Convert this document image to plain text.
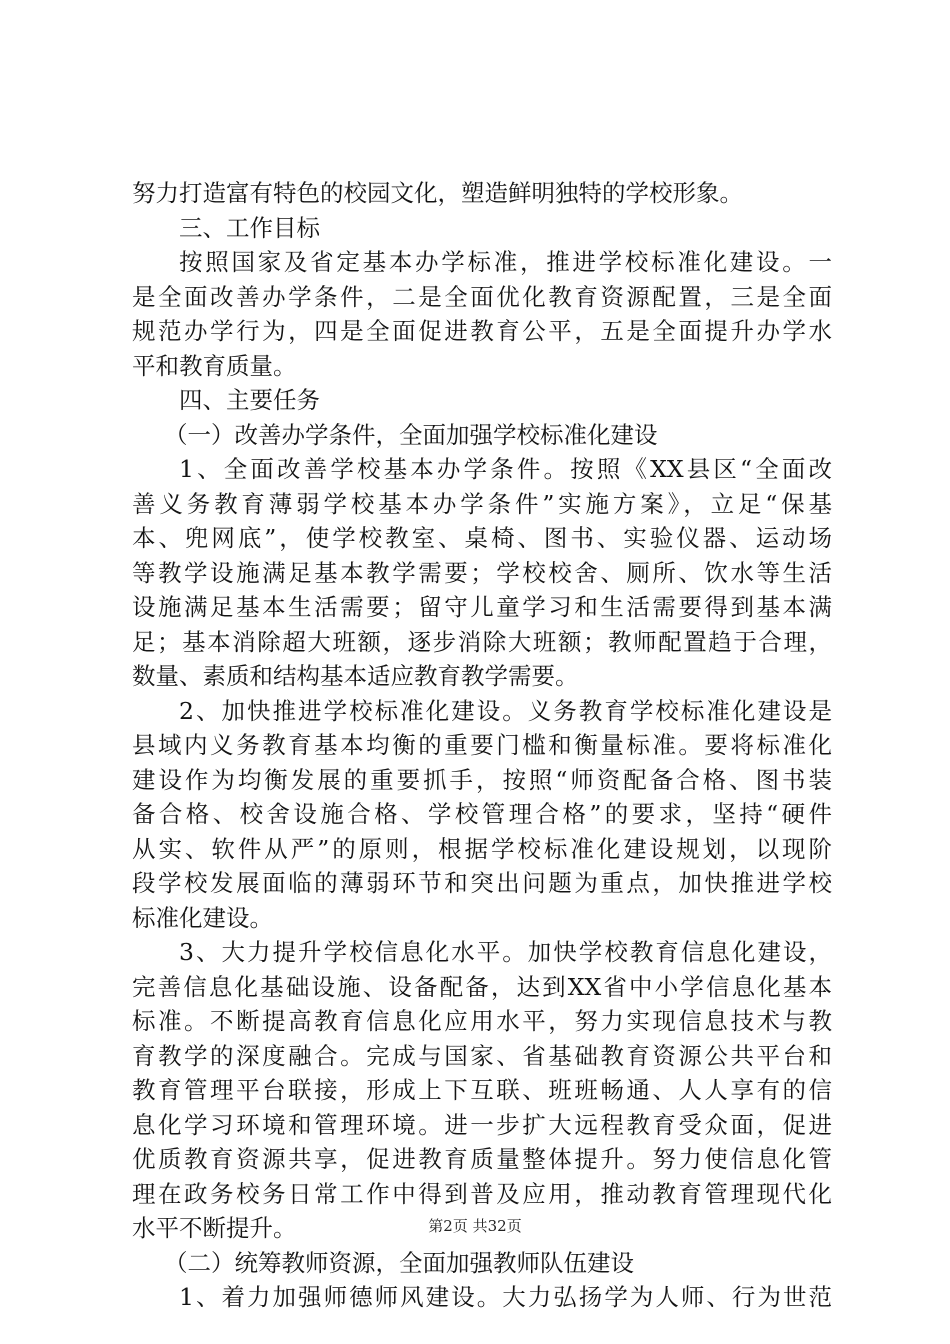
努力打造富有特色的校园文化，塑造鲜明独特的学校形象。
三、工作目标
按照国家及省定基本办学标准，推进学校标准化建设。一
是全面改善办学条件，二是全面优化教育资源配置，三是全面
规范办学行为，四是全面促进教育公平，五是全面提升办学水
平和教育质量。
四、主要任务
（一）改善办学条件，全面加强学校标准化建设
1、全面改善学校基本办学条件。按照《XX县区“全面改
善义务教育薄弱学校基本办学条件”实施方案》，立足“保基
本、兜网底”，使学校教室、桌椅、图书、实验仪器、运动场
等教学设施满足基本教学需要；学校校舍、厕所、饮水等生活
设施满足基本生活需要；留守儿童学习和生活需要得到基本满
足；基本消除超大班额，逐步消除大班额；教师配置趋于合理，
数量、素质和结构基本适应教育教学需要。
2、加快推进学校标准化建设。义务教育学校标准化建设是
县域内义务教育基本均衡的重要门槛和衡量标准。要将标准化
建设作为均衡发展的重要抓手，按照“师资配备合格、图书装
备合格、校舍设施合格、学校管理合格”的要求，坚持“硬件
从实、软件从严”的原则，根据学校标准化建设规划，以现阶
段学校发展面临的薄弱环节和突出问题为重点，加快推进学校
标准化建设。
3、大力提升学校信息化水平。加快学校教育信息化建设，
完善信息化基础设施、设备配备，达到XX省中小学信息化基本
标准。不断提高教育信息化应用水平，努力实现信息技术与教
育教学的深度融合。完成与国家、省基础教育资源公共平台和
教育管理平台联接，形成上下互联、班班畅通、人人享有的信
息化学习环境和管理环境。进一步扩大远程教育受众面，促进
优质教育资源共享，促进教育质量整体提升。努力使信息化管
理在政务校务日常工作中得到普及应用，推动教育管理现代化
水平不断提升。
（二）统筹教师资源，全面加强教师队伍建设
1、着力加强师德师风建设。大力弘扬学为人师、行为世范
第2页 共32页
